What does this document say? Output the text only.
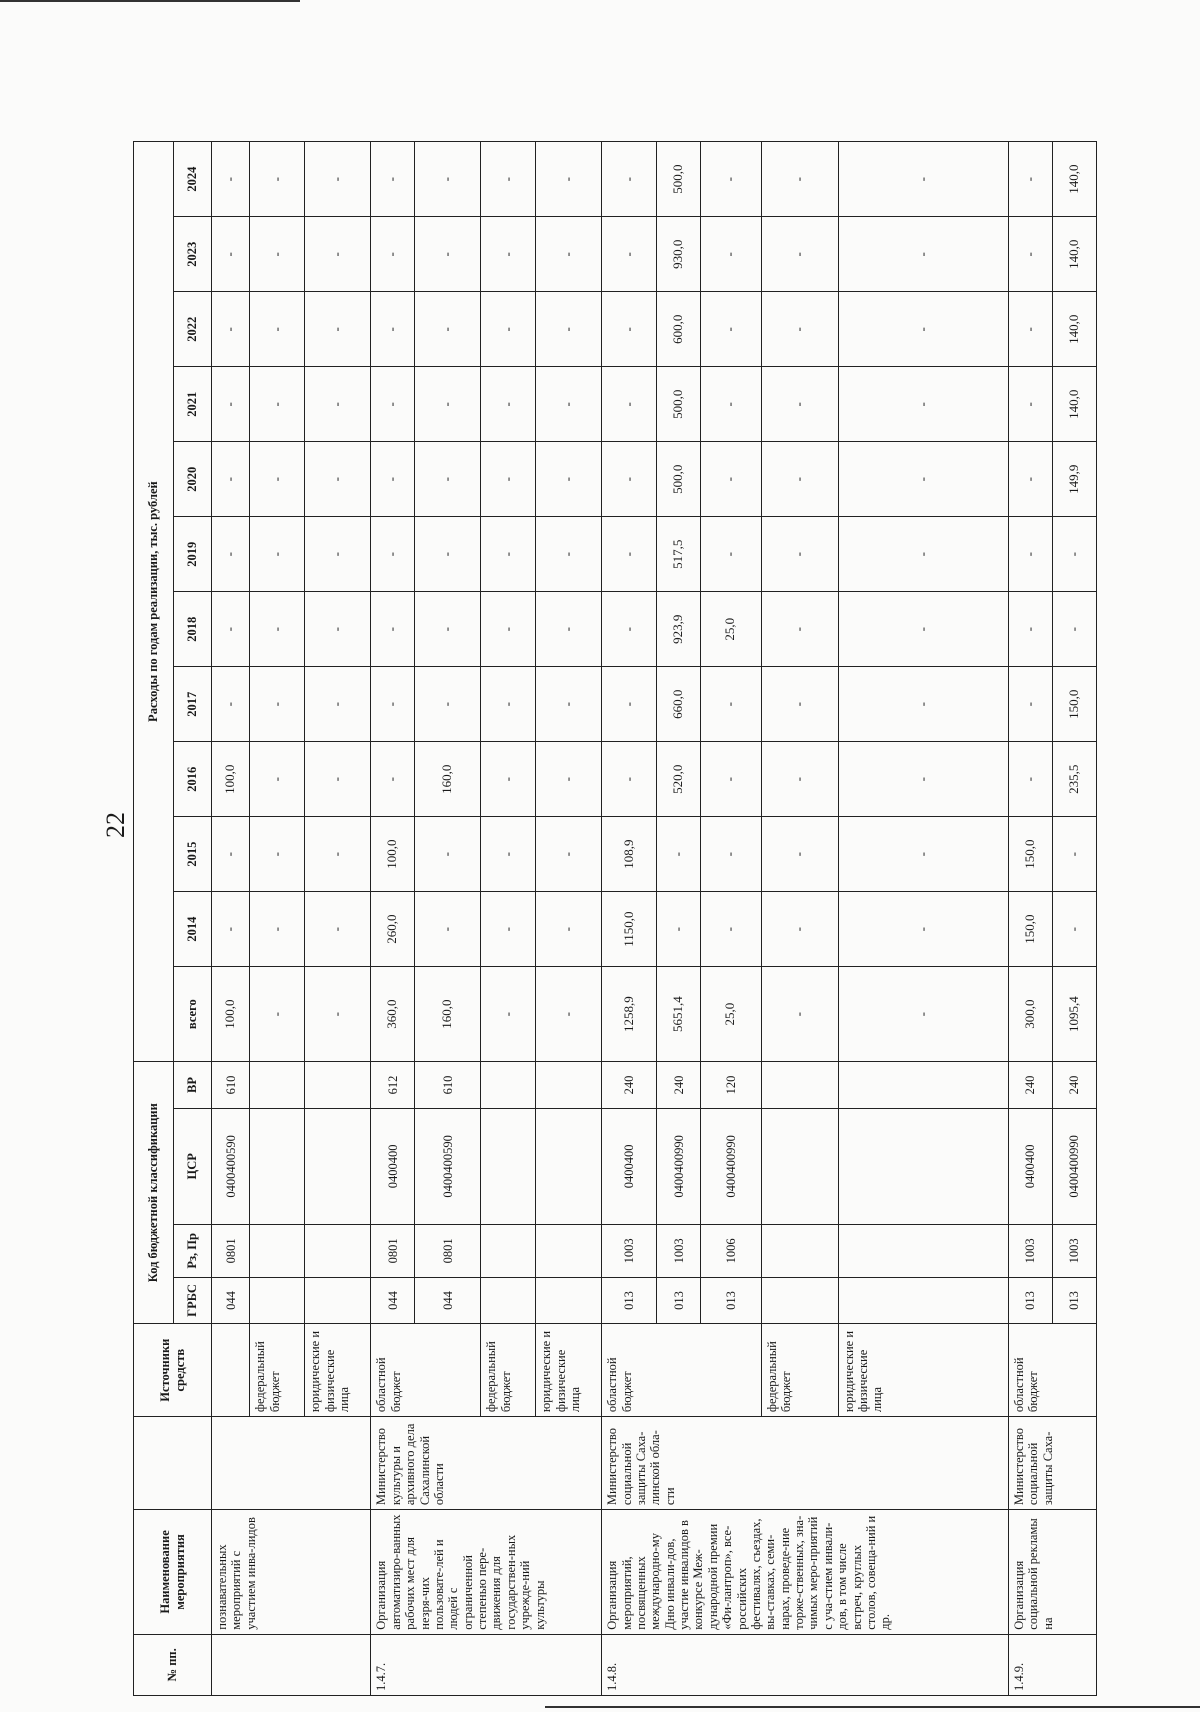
22
№ пп.	Наименование мероприятия		Источники средств	Код бюджетной классификации				Расходы по годам реализации, тыс. рублей											
				ГРБС	Рз, Пр	ЦСР	ВР	всего	2014	2015	2016	2017	2018	2019	2020	2021	2022	2023	2024
	познавательных мероприятий с участием инва-лидов			044	0801	0400400590	610	100,0	-	-	100,0	-	-	-	-	-	-	-	-
			федеральный бюджет					-	-	-	-	-	-	-	-	-	-	-	-
			юридические и физические лица					-	-	-	-	-	-	-	-	-	-	-	-
1.4.7.	Организация автоматизиро-ванных рабочих мест для незря-чих пользовате-лей и людей с ограниченной степенью пере-движения для государствен-ных учрежде-ний культуры	Министерство культуры и архивного дела Сахалинской области	областной бюджет	044	0801	0400400	612	360,0	260,0	100,0	-	-	-	-	-	-	-	-	-
				044	0801	0400400590	610	160,0	-	-	160,0	-	-	-	-	-	-	-	-
			федеральный бюджет					-	-	-	-	-	-	-	-	-	-	-	-
			юридические и физические лица					-	-	-	-	-	-	-	-	-	-	-	-
1.4.8.	Организация мероприятий, посвященных международно-му Дню инвали-дов, участие инвалидов в конкурсе Меж-дународной премии «Фи-лантроп», все-российских фестивалях, съездах, вы-ставках, семи-нарах, проведе-ние торже-ственных, зна-чимых меро-приятий с уча-стием инвали-дов, в том числе встреч, круглых столов, совеща-ний и др.	Министерство социальной защиты Саха-линской обла-сти	областной бюджет	013	1003	0400400	240	1258,9	1150,0	108,9	-	-	-	-	-	-	-	-	-
				013	1003	0400400990	240	5651,4	-	-	520,0	660,0	923,9	517,5	500,0	500,0	600,0	930,0	500,0
				013	1006	0400400990	120	25,0	-	-	-	-	25,0	-	-	-	-	-	-
			федеральный бюджет					-	-	-	-	-	-	-	-	-	-	-	-
			юридические и физические лица					-	-	-	-	-	-	-	-	-	-	-	-
1.4.9.	Организация социальной рекламы на	Министерство социальной защиты Саха-	областной бюджет	013	1003	0400400	240	300,0	150,0	150,0	-	-	-	-	-	-	-	-	-
				013	1003	0400400990	240	1095,4	-	-	235,5	150,0	-	-	149,9	140,0	140,0	140,0	140,0
